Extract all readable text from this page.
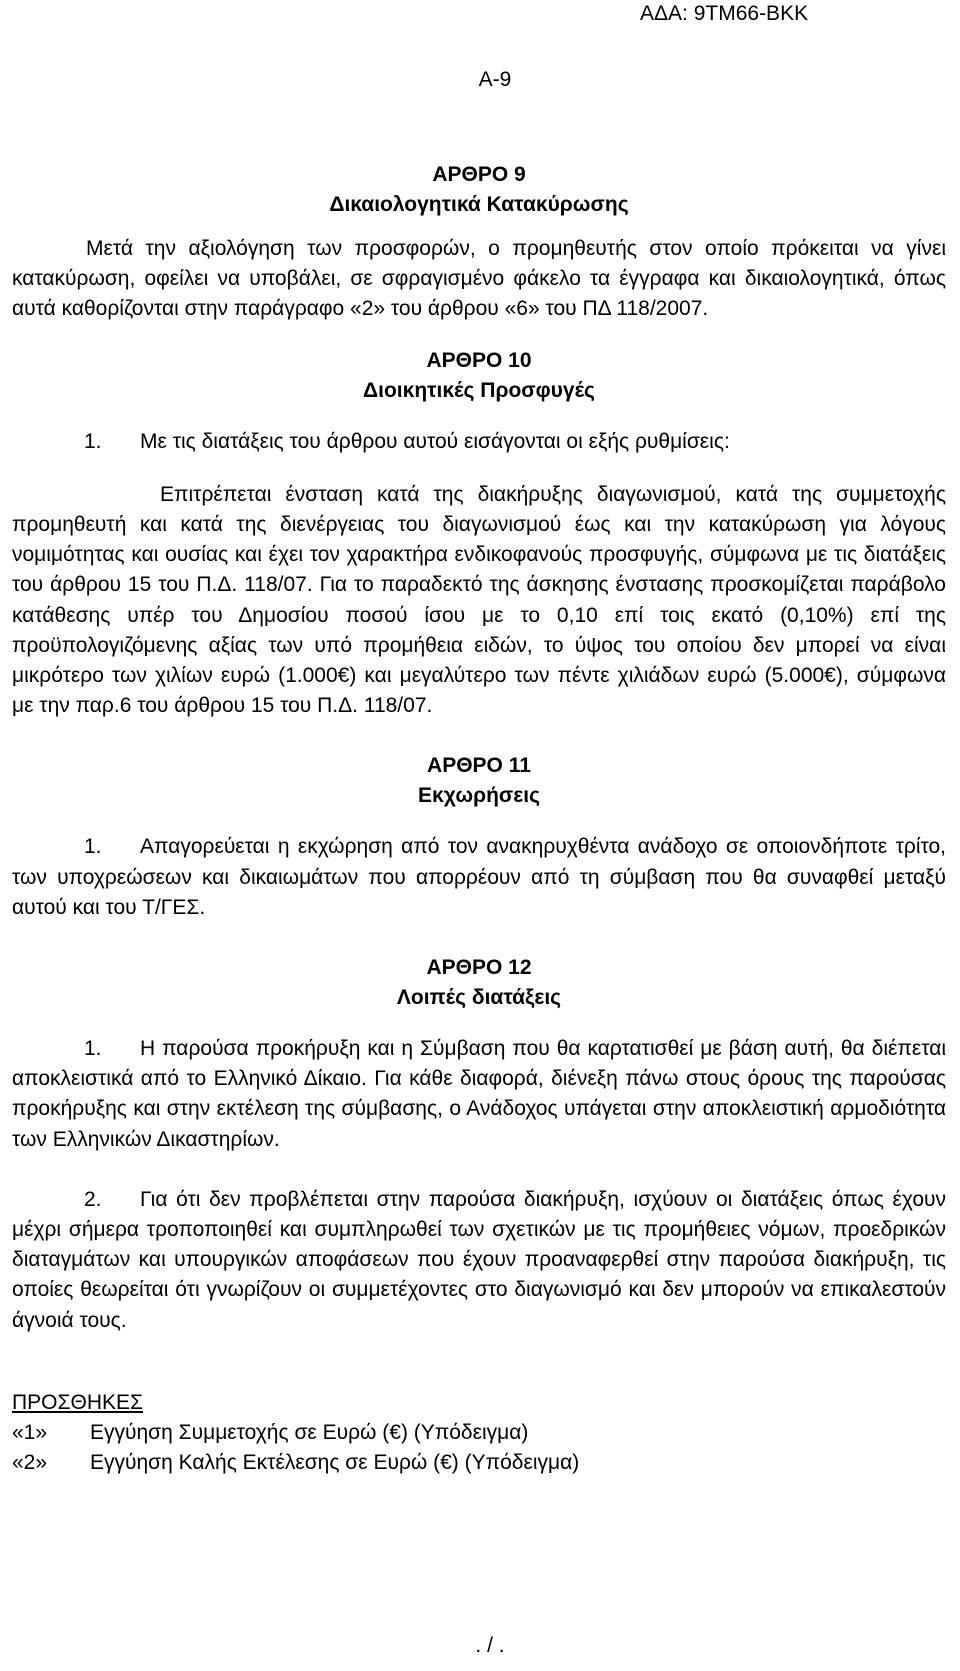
ΑΔΑ: 9ΤΜ66-ΒΚΚ
Α-9
ΑΡΘΡΟ 9
Δικαιολογητικά Κατακύρωσης

Μετά την αξιολόγηση των προσφορών, ο προμηθευτής στον οποίο πρόκειται να γίνει κατακύρωση, οφείλει να υποβάλει, σε σφραγισμένο φάκελο τα έγγραφα και δικαιολογητικά, όπως αυτά καθορίζονται στην παράγραφο «2» του άρθρου «6» του ΠΔ 118/2007.

ΑΡΘΡΟ 10
Διοικητικές Προσφυγές

1. Με τις διατάξεις του άρθρου αυτού εισάγονται οι εξής ρυθμίσεις:

Επιτρέπεται ένσταση κατά της διακήρυξης διαγωνισμού, κατά της συμμετοχής προμηθευτή και κατά της διενέργειας του διαγωνισμού έως και την κατακύρωση για λόγους νομιμότητας και ουσίας και έχει τον χαρακτήρα ενδικοφανούς προσφυγής, σύμφωνα με τις διατάξεις του άρθρου 15 του Π.Δ. 118/07. Για το παραδεκτό της άσκησης ένστασης προσκομίζεται παράβολο κατάθεσης υπέρ του Δημοσίου ποσού ίσου με το 0,10 επί τοις εκατό (0,10%) επί της προϋπολογιζόμενης αξίας των υπό προμήθεια ειδών, το ύψος του οποίου δεν μπορεί να είναι μικρότερο των χιλίων ευρώ (1.000€) και μεγαλύτερο των πέντε χιλιάδων ευρώ (5.000€), σύμφωνα με την παρ.6 του άρθρου 15 του Π.Δ. 118/07.

ΑΡΘΡΟ 11
Εκχωρήσεις

1. Απαγορεύεται η εκχώρηση από τον ανακηρυχθέντα ανάδοχο σε οποιονδήποτε τρίτο, των υποχρεώσεων και δικαιωμάτων που απορρέουν από τη σύμβαση που θα συναφθεί μεταξύ αυτού και του Τ/ΓΕΣ.

ΑΡΘΡΟ 12
Λοιπές διατάξεις

1. Η παρούσα προκήρυξη και η Σύμβαση που θα καρτατισθεί με βάση αυτή, θα διέπεται αποκλειστικά από το Ελληνικό Δίκαιο. Για κάθε διαφορά, διένεξη πάνω στους όρους της παρούσας προκήρυξης και στην εκτέλεση της σύμβασης, ο Ανάδοχος υπάγεται στην αποκλειστική αρμοδιότητα των Ελληνικών Δικαστηρίων.

2. Για ότι δεν προβλέπεται στην παρούσα διακήρυξη, ισχύουν οι διατάξεις όπως έχουν μέχρι σήμερα τροποποιηθεί και συμπληρωθεί των σχετικών με τις προμήθειες νόμων, προεδρικών διαταγμάτων και υπουργικών αποφάσεων που έχουν προαναφερθεί στην παρούσα διακήρυξη, τις οποίες θεωρείται ότι γνωρίζουν οι συμμετέχοντες στο διαγωνισμό και δεν μπορούν να επικαλεστούν άγνοιά τους.

ΠΡΟΣΘΗΚΕΣ
«1»	Εγγύηση Συμμετοχής σε Ευρώ (€) (Υπόδειγμα)
«2»	Εγγύηση Καλής Εκτέλεσης σε Ευρώ (€) (Υπόδειγμα)
. / .
